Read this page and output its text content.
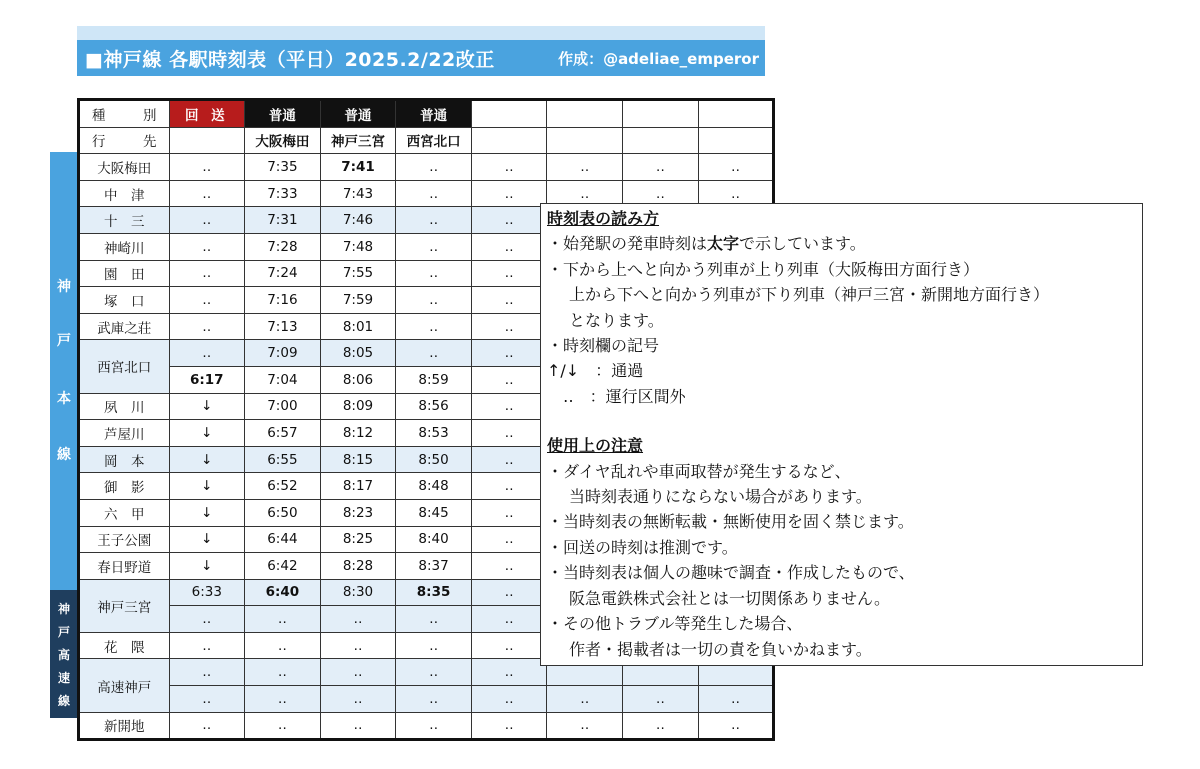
■神戸線 各駅時刻表（平日）2025.2/22改正	作成：@adeliae_emperor
神
戸
本
線
神
戸
高
速
線
種　別	回 送	普通	普通	普通				
行　先		大阪梅田	神戸三宮	西宮北口				
大阪梅田	‥	7:35	7:41	‥	‥	‥	‥	‥
中　津	‥	7:33	7:43	‥	‥	‥	‥	‥
十　三	‥	7:31	7:46	‥	‥			
神崎川	‥	7:28	7:48	‥	‥			
園　田	‥	7:24	7:55	‥	‥			
塚　口	‥	7:16	7:59	‥	‥			
武庫之荘	‥	7:13	8:01	‥	‥			
西宮北口	‥	7:09	8:05	‥	‥			
	6:17	7:04	8:06	8:59	‥			
夙　川	↓	7:00	8:09	8:56	‥			
芦屋川	↓	6:57	8:12	8:53	‥			
岡　本	↓	6:55	8:15	8:50	‥			
御　影	↓	6:52	8:17	8:48	‥			
六　甲	↓	6:50	8:23	8:45	‥			
王子公園	↓	6:44	8:25	8:40	‥			
春日野道	↓	6:42	8:28	8:37	‥			
神戸三宮	6:33	6:40	8:30	8:35	‥			
	‥	‥	‥	‥	‥			
花　隈	‥	‥	‥	‥	‥			
高速神戸	‥	‥	‥	‥	‥			
	‥	‥	‥	‥	‥	‥	‥	‥
新開地	‥	‥	‥	‥	‥	‥	‥	‥
時刻表の読み方
・始発駅の発車時刻は太字で示しています。
・下から上へと向かう列車が上り列車（大阪梅田方面行き）
上から下へと向かう列車が下り列車（神戸三宮・新開地方面行き）
となります。
・時刻欄の記号
↑/↓　：通過
‥　：運行区間外
使用上の注意
・ダイヤ乱れや車両取替が発生するなど、
当時刻表通りにならない場合があります。
・当時刻表の無断転載・無断使用を固く禁じます。
・回送の時刻は推測です。
・当時刻表は個人の趣味で調査・作成したもので、
阪急電鉄株式会社とは一切関係ありません。
・その他トラブル等発生した場合、
作者・掲載者は一切の責を負いかねます。
